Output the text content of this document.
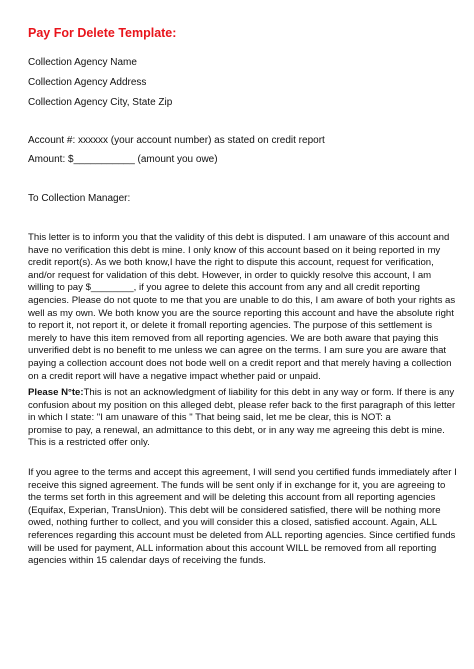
Pay For Delete Template:
Collection Agency Name
Collection Agency Address
Collection Agency City, State Zip
Account #: xxxxxx (your account number) as stated on credit report
Amount: $___________ (amount you owe)
To Collection Manager:
This letter is to inform you that the validity of this debt is disputed. I am unaware of this account and
have no verification this debt is mine. I only know of this account based on it being reported in my
credit report(s). As we both know,I have the right to dispute this account, request for verification,
and/or request for validation of this debt. However, in order to quickly resolve this account, I am
willing to pay $________, if you agree to delete this account from any and all credit reporting
agencies. Please do not quote to me that you are unable to do this, I am aware of both your rights as
well as my own. We both know you are the source reporting this account and have the absolute right
to report it, not report it, or delete it fromall reporting agencies. The purpose of this settlement is
merely to have this item removed from all reporting agencies. We are both aware that paying this
unverified debt is no benefit to me unless we can agree on the terms. I am sure you are aware that
paying a collection account does not bode well on a credit report and that merely having a collection
on a credit report will have a negative impact whether paid or unpaid.
Please N°te:This is not an acknowledgment of liability for this debt in any way or form. If there is any
confusion about my position on this alleged debt, please refer back to the first paragraph of this letter
in which I state: "I am unaware of this " That being said, let me be clear, this is NOT: a
promise to pay, a renewal, an admittance to this debt, or in any way me agreeing this debt is mine.
This is a restricted offer only.
If you agree to the terms and accept this agreement, I will send you certified funds immediately after I
receive this signed agreement. The funds will be sent only if in exchange for it, you are agreeing to
the terms set forth in this agreement and will be deleting this account from all reporting agencies
(Equifax, Experian, TransUnion). This debt will be considered satisfied, there will be nothing more
owed, nothing further to collect, and you will consider this a closed, satisfied account. Again, ALL
references regarding this account must be deleted from ALL reporting agencies. Since certified funds
will be used for payment, ALL information about this account WILL be removed from all reporting
agencies within 15 calendar days of receiving the funds.
